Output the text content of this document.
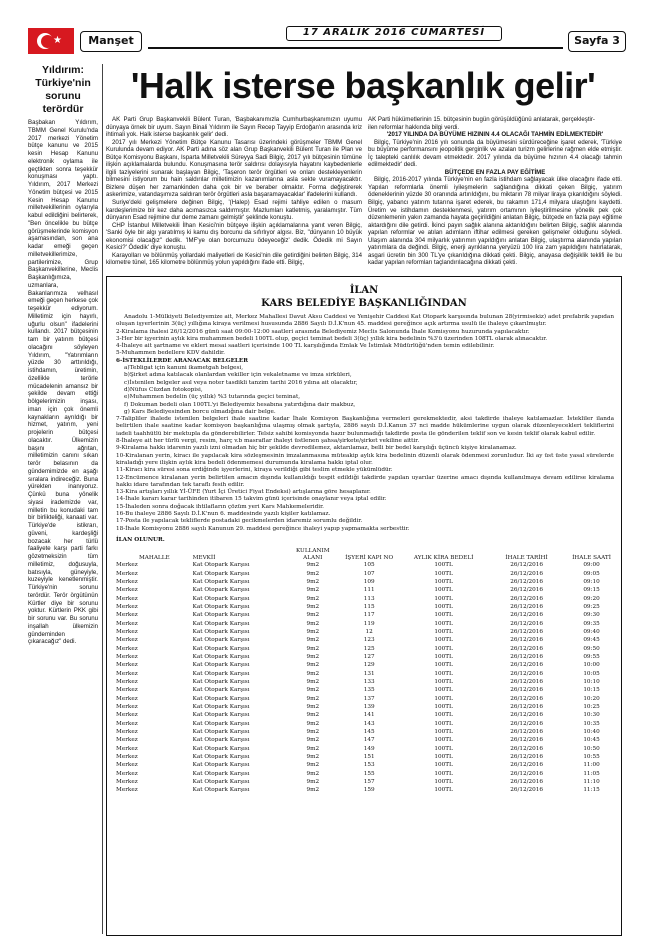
★	Manşet
17 ARALIK 2016 CUMARTESİ
Sayfa 3
Yıldırım: Türkiye'nin sorunu terördür
Başbakan Yıldırım, TBMM Genel Kurulu'nda 2017 merkezi Yönetim bütçe kanunu ve 2015 kesin Hesap Kanunu elektronik oylama ile geçtikten sonra teşekkür konuşması yaptı. Yıldırım, 2017 Merkezi Yönetim bütçesi ve 2015 Kesin Hesap Kanunu milletvekillerinin oylarıyla kabul edildiğini belirterek, "Ben öncelikle bu bütçe görüşmelerinde komisyon aşamasından, son ana kadar emeği geçen milletvekillerimize, partilerimize, Grup Başkanvekillerine, Meclis Başkanlığımıza, uzmanlara, Bakanlarımıza velhasıl emeği geçen herkese çok teşekkür ediyorum. Milletimiz için hayırlı, uğurlu olsun" ifadelerini kullandı. 2017 bütçesinin tam bir yatırım bütçesi olacağını söyleyen Yıldırım, "Yatırımların yüzde 30 arttırıldığı, istihdamın, üretimin, özellikle terörle mücadelenin amansız bir şekilde devam ettiği bölgelerimizin inşası, imarı için çok önemli kaynakların ayrıldığı bir hizmet, yatırım, yeni projelerin bütçesi olacaktır. Ülkemizin başını ağrıtan, milletimizin canını sıkan terör belasının da gündemimizde en aşağı sıralara indireceğiz. Buna yürekten inanıyoruz. Çünkü buna yönelik siyasi irademizde var, milletin bu konudaki tam bir birlikteliği, kanaati var. Türkiye'de istikrarı, güveni, kardeşliği bozacak her türlü faaliyete karşı parti farkı gözetmeksizin tüm milletimiz, doğusuyla, batısıyla, güneyiyle, kuzeyiyle kenetlenmiştir. Türkiye'nin sorunu terördür. Terör örgütünün Kürtler diye bir sorunu yoktur. Kürtlerin PKK gibi bir sorunu var. Bu sorunu inşallah ülkemizin gündeminden çıkaracağız" dedi.
'Halk isterse başkanlık gelir'

AK Parti Grup Başkanvekili Bülent Turan, 'Başbakanımızla Cumhurbaşkanımızın uyumu dünyaya örnek bir uyum. Sayın Binali Yıldırım ile Sayın Recep Tayyip Erdoğan'ın arasında kriz ihtimali yok. Halk isterse başkanlık gelir' dedi.

2017 yılı Merkezi Yönetim Bütçe Kanunu Tasarısı üzerindeki görüşmeler TBMM Genel Kurulunda devam ediyor. AK Parti adına söz alan Grup Başkanvekili Bülent Turan ile Plan ve Bütçe Komisyonu Başkanı, Isparta Milletvekili Süreyya Sadi Bilgiç, 2017 yılı bütçesinin tümüne ilişkin açıklamalarda bulundu. Konuşmasına terör saldırısı dolayısıyla hayatını kaybedenlerle ilgili taziyelerini sunarak başlayan Bilgiç, 'Taşeron terör örgütleri ve onları destekleyenlerin bilmesini istiyorum bu hain saldırılar milletimizin kazanımlarına asla sekte vuramayacaktır. Bizlere düşen her zamankinden daha çok bir ve beraber olmaktır. Forma değiştirerek askerimize, vatandaşımıza saldıran terör örgütleri asla başaramayacaklar' ifadelerini kullandı.

Suriye'deki gelişmelere değinen Bilgiç, '(Halep) Esad rejimi tahliye edilen o masum kardeşlerimize bir kez daha acımasızca saldırmıştır. Mazlumları katletmiş, yaralamıştır. Tüm dünyanın Esad rejimine dur deme zamanı gelmiştir' şeklinde konuştu.

CHP İstanbul Milletvekili İlhan Kesici'nin bütçeye ilişkin açıklamalarına yanıt veren Bilgiç, 'Sanki öyle bir algı yaratılmış ki kamu dış borcunu da sıfırlıyor algısı. Biz, "dünyanın 10 büyük ekonomisi olacağız" dedik. 'IMF'ye olan borcumuzu ödeyeceğiz' dedik. Ödedik mi Sayın Kesici?' Ödedik' diye konuştu.

Karayolları ve bölünmüş yollardaki maliyetleri de Kesici'nin dile getirdiğini belirten Bilgiç, 314 kilometre tünel, 165 kilometre bölünmüş yolun yapıldığını ifade etti. Bilgiç,

AK Parti hükümetlerinin 15. bütçesinin bugün görüşüldüğünü anlatarak, gerçekleştir-

ilen reformlar hakkında bilgi verdi.

'2017 YILINDA DA BÜYÜME HIZININ 4.4 OLACAĞI TAHMİN EDİLMEKTEDİR'

Bilgiç, Türkiye'nin 2016 yılı sonunda da büyümesini sürdüreceğine işaret ederek, 'Türkiye bu büyüme performansını jeopolitik gerginlik ve azalan turizm gelirlerine rağmen elde etmiştir. İç talepteki canlılık devam etmektedir. 2017 yılında da büyüme hızının 4.4 olacağı tahmin edilmektedir' dedi.

BÜTÇEDE EN FAZLA PAY EĞİTİME

Bilgiç, 2016-2017 yılında Türkiye'nin en fazla istihdam sağlayacak ülke olacağını ifade etti. Yapılan reformlarla önemli iyileşmelerin sağlandığına dikkati çeken Bilgiç, yatırım ödeneklerinin yüzde 30 oranında artırıldığını, bu miktarın 78 milyar liraya çıkarıldığını söyledi. Bilgiç, yabancı yatırım tutarına işaret ederek, bu rakamın 171,4 milyara ulaştığını kaydetti. Üretim ve istihdamın desteklenmesi, yatırım ortamının iyileştirilmesine yönelik pek çok düzenlemenin yakın zamanda hayata geçirildiğini anlatan Bilgiç, bütçede en fazla payı eğitime aktardığını dile getirdi. İkinci payın sağlık alanına aktarıldığını belirten Bilgiç, sağlık alanında yapılan reformlar ve atılan adımların iftihar edilmesi gereken gelişmeler olduğunu söyledi. Ulaşım alanında 304 milyarlık yatırımın yapıldığını anlatan Bilgiç, ulaştırma alanında yapılan yatırımlara da değindi. Bilgiç, enerji ayrıklarına yeryüzü 100 lira zam yapıldığını hatırlatarak, asgari ücretin bin 300 TL'ye çıkarıldığına dikkati çekti. Bilgiç, anayasa değişiklik teklifi ile bu kadar yapılan reformları taçlandırılacağına dikkati çekti.

İLAN
KARS BELEDİYE BAŞKANLIĞINDAN

Anadolu 1-Mülkiyeti Belediyemize ait, Merkez Mahallesi Davut Aksu Caddesi ve Yenişehir Caddesi Kat Otopark karşısında bulunan 28(yirmisekiz) adet prefabrik yapıdan oluşan işyerlerinin 3(üç) yıllığına kiraya verilmesi hususunda 2886 Sayılı D.İ.K'nun 45. maddesi gereğince açık artırma usulü ile ihaleye çıkarılmıştır.

2-Kiralama ihalesi 26/12/2016 günü saat 09:00-12:00 saatleri arasında Belediyemiz Meclis Salonunda İhale Komisyonu huzurunda yapılacaktır.

3-Her bir işyerinin aylık kira muhammen bedeli 100TL olup, geçici teminat bedeli 3(üç) yıllık kira bedelinin %3'ü üzerinden 108TL olarak alınacaktır.

4-İhaleye ait şartname ve ekleri mesai saatleri içerisinde 100 TL karşılığında Emlak Ve İstimlak Müdürlüğü'nden temin edilebilinir.

5-Muhammen bedellere KDV dahildir.

6-İSTEKLİLERDE ARANACAK BELGELER

a)Tebligat için kanuni ikametgah belgesi,

b)Şirket adına katılacak olanlardan vekiller için vekaletname ve imza sirküleri,

c)İstenilen belgeler asıl veya noter tasdikli tanzim tarihi 2016 yılına ait olacaktır,

d)Nüfus Cüzdan fotokopisi,

e)Muhammen bedelin (üç yıllık) %3 tutarında geçici teminat,

f) Dokuman bedeli olan 100TL'yi Belediyemiz hesabına yatırdığına dair makbuz,

g) Kars Belediyesinden borcu olmadığına dair belge.

7-Talipliler ihalede istenilen belgeleri ihale saatine kadar İhale Komisyon Başkanlığına vermeleri gerekmektedir, aksi takdirde ihaleye katılamazlar. İstekliler ilanda belirtilen ihale saatine kadar komisyon başkanlığına ulaşmış olmak şartıyla, 2886 sayılı D.İ.Kanun 37 nci madde hükümlerine uygun olarak düzenleyecekleri tekliflerini iadeli taahhütlü bir mektupla da gönderebilirler. Telsiz sahibi komisyonda hazır bulunmadığı takdirde posta ile gönderilen teklif son ve kesin teklif olarak kabul edilir.

8-İhaleye ait her türlü vergi, resim, harç v.b masraflar ihaleyi üstlenen şahsa/şirkete/şirket vekiline aittir.

9-Kiralama hakkı idarenin yazılı izni olmadan hiç bir şekilde devredilemez, aktarılamaz, belli bir bedel karşılığı üçüncü kişiye kiralanamaz.

10-Kiralanan yerin, kiracı ile yapılacak kira sözleşmesinin imzalanmasına müteakip aylık kira bedelinin düzenli olarak ödenmesi zorunludur. İki ay üst üste yasal sürelerde kiraladığı yere ilişkin aylık kira bedeli ödenmemesi durumunda kiralama hakkı iptal olur.

11-Kiracı kira süresi sona erdiğinde işyerlerini, kiraya verildiği gibi teslim etmekle yükümlüdür.

12-Encümence kiralanan yerin belirtilen amacın dışında kullanıldığı tespit edildiği takdirde yapılan uyarılar üzerine amacı dışında kullanılmaya devam edilirse kiralama hakkı idare tarafından tek taraflı fesih edilir.

13-Kira artışları yıllık Yİ-ÜFE (Yurt İçi Üretici Fiyat Endeksi) artışlarına göre hesaplanır.

14-İhale kararı karar tarihinden itibaren 15 takvim günü içerisinde onaylanır veya iptal edilir.

15-İhaleden sonra doğacak ihtilafların çözüm yeri Kars Mahkemeleridir.

16-Bu ihaleye 2886 Sayılı D.İ.K'nun 6. maddesinde yazılı kişiler katılamaz.

17-Posta ile yapılacak tekliflerde postadaki gecikmelerden idaremiz sorumlu değildir.

18-İhale Komisyonu 2886 sayılı Kanunun 29. maddesi gereğince ihaleyi yapıp yapmamakta serbesttir.

İLAN OLUNUR.

MAHALLE	MEVKİİ	KULLANIM ALANI	İŞYERİ KAPI NO	AYLIK KİRA BEDELİ	İHALE TARİHİ	İHALE SAATİ
Merkez	Kat Otopark Karşısı	9m2	105	100TL	26/12/2016	09:00
Merkez	Kat Otopark Karşısı	9m2	107	100TL	26/12/2016	09:05
Merkez	Kat Otopark Karşısı	9m2	109	100TL	26/12/2016	09:10
Merkez	Kat Otopark Karşısı	9m2	111	100TL	26/12/2016	09:15
Merkez	Kat Otopark Karşısı	9m2	113	100TL	26/12/2016	09:20
Merkez	Kat Otopark Karşısı	9m2	115	100TL	26/12/2016	09:25
Merkez	Kat Otopark Karşısı	9m2	117	100TL	26/12/2016	09:30
Merkez	Kat Otopark Karşısı	9m2	119	100TL	26/12/2016	09:35
Merkez	Kat Otopark Karşısı	9m2	12	100TL	26/12/2016	09:40
Merkez	Kat Otopark Karşısı	9m2	123	100TL	26/12/2016	09:45
Merkez	Kat Otopark Karşısı	9m2	125	100TL	26/12/2016	09:50
Merkez	Kat Otopark Karşısı	9m2	127	100TL	26/12/2016	09:55
Merkez	Kat Otopark Karşısı	9m2	129	100TL	26/12/2016	10:00
Merkez	Kat Otopark Karşısı	9m2	131	100TL	26/12/2016	10:05
Merkez	Kat Otopark Karşısı	9m2	133	100TL	26/12/2016	10:10
Merkez	Kat Otopark Karşısı	9m2	135	100TL	26/12/2016	10:15
Merkez	Kat Otopark Karşısı	9m2	137	100TL	26/12/2016	10:20
Merkez	Kat Otopark Karşısı	9m2	139	100TL	26/12/2016	10:25
Merkez	Kat Otopark Karşısı	9m2	141	100TL	26/12/2016	10:30
Merkez	Kat Otopark Karşısı	9m2	143	100TL	26/12/2016	10:35
Merkez	Kat Otopark Karşısı	9m2	145	100TL	26/12/2016	10:40
Merkez	Kat Otopark Karşısı	9m2	147	100TL	26/12/2016	10:45
Merkez	Kat Otopark Karşısı	9m2	149	100TL	26/12/2016	10:50
Merkez	Kat Otopark Karşısı	9m2	151	100TL	26/12/2016	10:55
Merkez	Kat Otopark Karşısı	9m2	153	100TL	26/12/2016	11:00
Merkez	Kat Otopark Karşısı	9m2	155	100TL	26/12/2016	11:05
Merkez	Kat Otopark Karşısı	9m2	157	100TL	26/12/2016	11:10
Merkez	Kat Otopark Karşısı	9m2	159	100TL	26/12/2016	11:15
